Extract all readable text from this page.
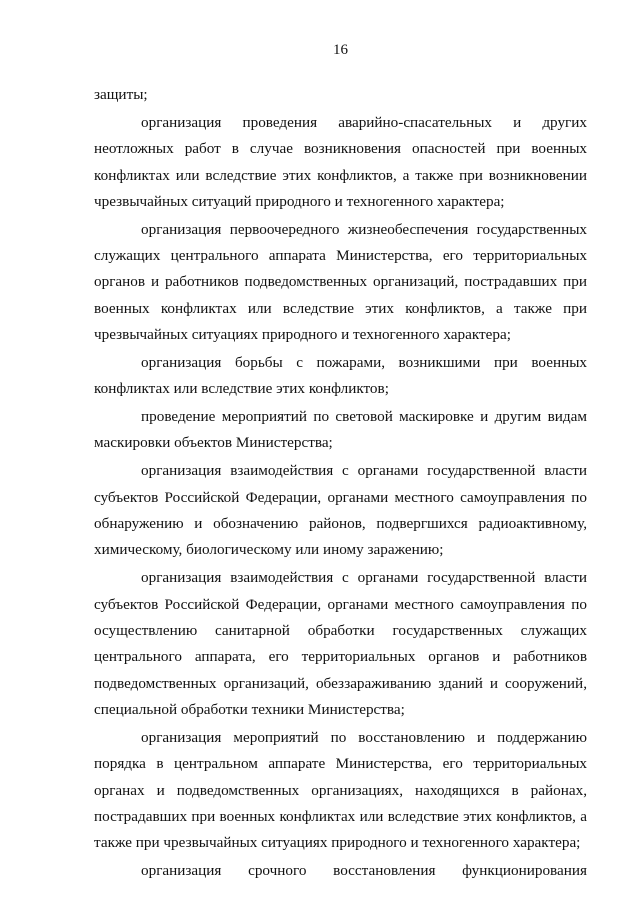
16

защиты;

организация проведения аварийно-спасательных и других неотложных работ в случае возникновения опасностей при военных конфликтах или вследствие этих конфликтов, а также при возникновении чрезвычайных ситуаций природного и техногенного характера;

организация первоочередного жизнеобеспечения государственных служащих центрального аппарата Министерства, его территориальных органов и работников подведомственных организаций, пострадавших при военных конфликтах или вследствие этих конфликтов, а также при чрезвычайных ситуациях природного и техногенного характера;

организация борьбы с пожарами, возникшими при военных конфликтах или вследствие этих конфликтов;

проведение мероприятий по световой маскировке и другим видам маскировки объектов Министерства;

организация взаимодействия с органами государственной власти субъектов Российской Федерации, органами местного самоуправления по обнаружению и обозначению районов, подвергшихся радиоактивному, химическому, биологическому или иному заражению;

организация взаимодействия с органами государственной власти субъектов Российской Федерации, органами местного самоуправления по осуществлению санитарной обработки государственных служащих центрального аппарата, его территориальных органов и работников подведомственных организаций, обеззараживанию зданий и сооружений, специальной обработки техники Министерства;

организация мероприятий по восстановлению и поддержанию порядка в центральном аппарате Министерства, его территориальных органах и подведомственных организациях, находящихся в районах, пострадавших при военных конфликтах или вследствие этих конфликтов, а также при чрезвычайных ситуациях природного и техногенного характера;

организация срочного восстановления функционирования
